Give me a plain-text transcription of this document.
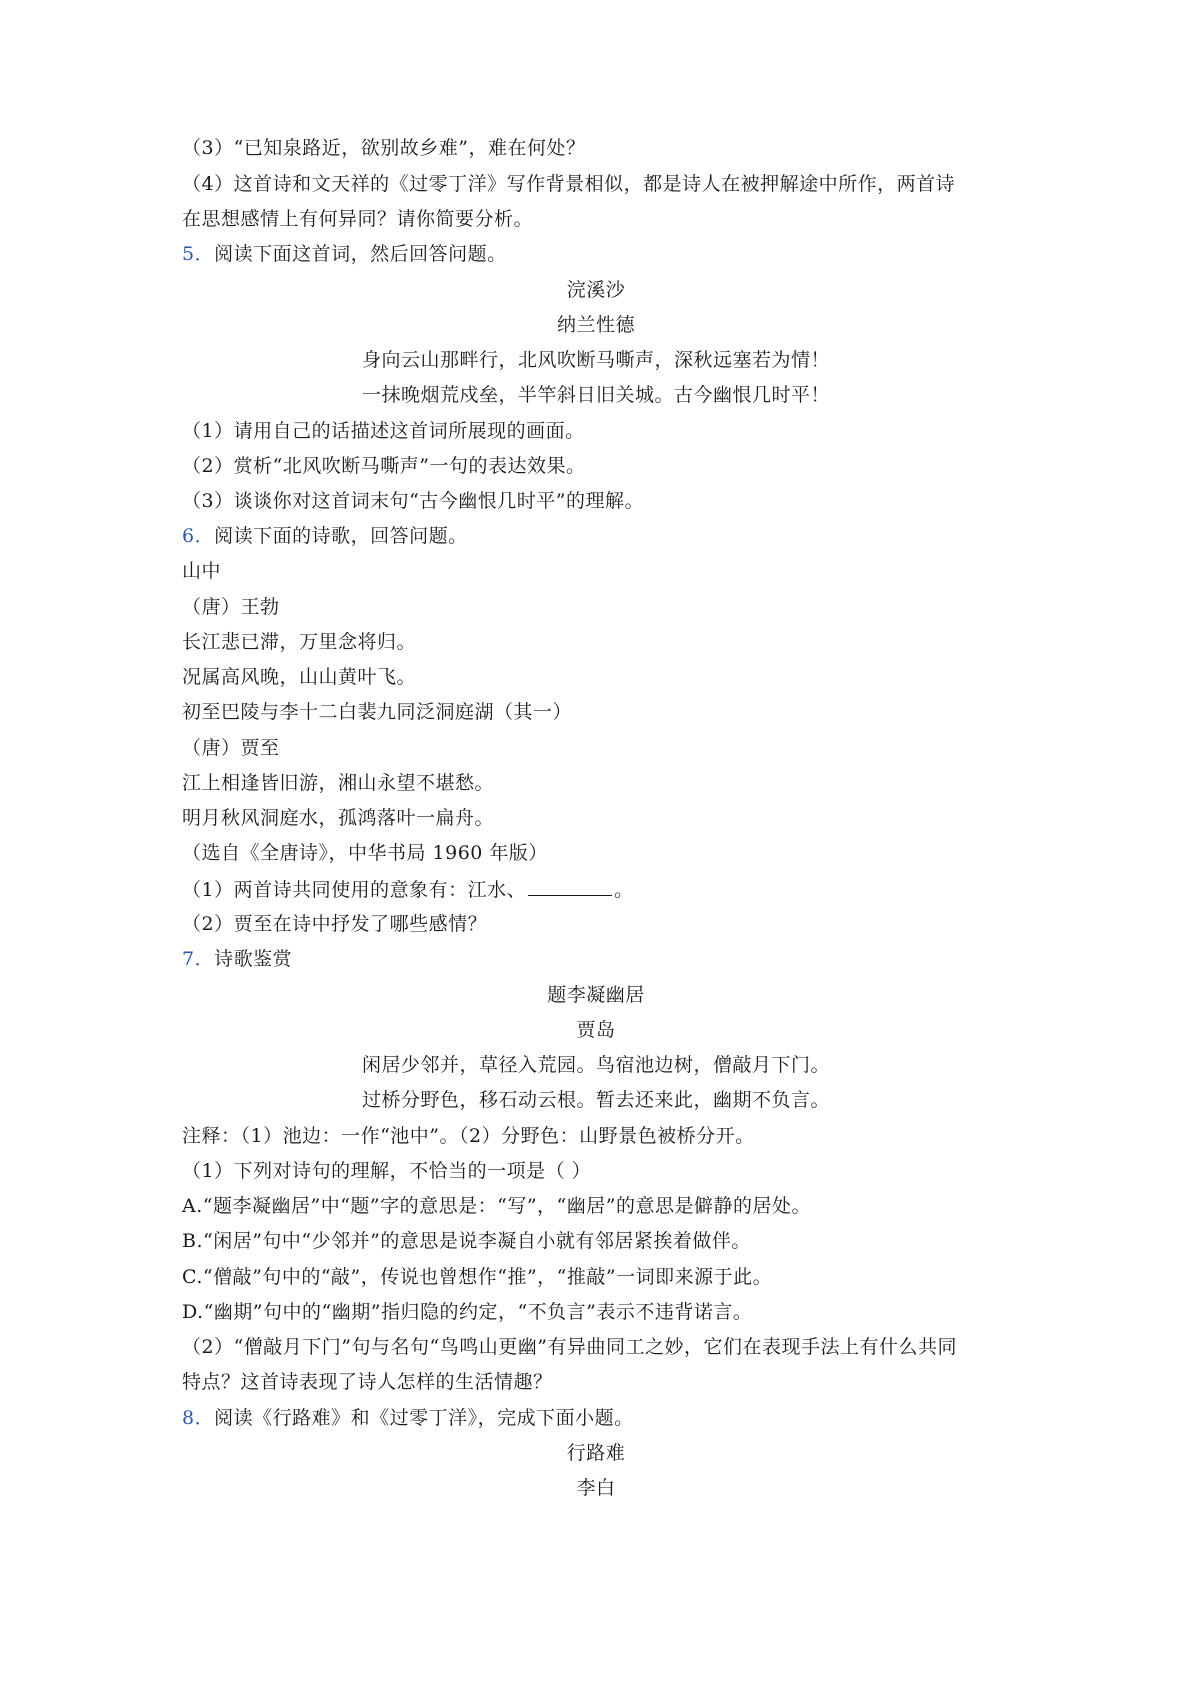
（3）“已知泉路近，欲别故乡难”，难在何处？
（4）这首诗和文天祥的《过零丁洋》写作背景相似，都是诗人在被押解途中所作，两首诗
在思想感情上有何异同？请你简要分析。
5．阅读下面这首词，然后回答问题。
浣溪沙
纳兰性德
身向云山那畔行，北风吹断马嘶声，深秋远塞若为情！
一抹晚烟荒戍垒，半竿斜日旧关城。古今幽恨几时平！
（1）请用自己的话描述这首词所展现的画面。
（2）赏析“北风吹断马嘶声”一句的表达效果。
（3）谈谈你对这首词末句“古今幽恨几时平”的理解。
6．阅读下面的诗歌，回答问题。
山中
（唐）王勃
长江悲已滞，万里念将归。
况属高风晚，山山黄叶飞。
初至巴陵与李十二白裴九同泛洞庭湖（其一）
（唐）贾至
江上相逢皆旧游，湘山永望不堪愁。
明月秋风洞庭水，孤鸿落叶一扁舟。
（选自《全唐诗》，中华书局 1960 年版）
（1）两首诗共同使用的意象有：江水、	。
（2）贾至在诗中抒发了哪些感情？
7．诗歌鉴赏
题李凝幽居
贾岛
闲居少邻并，草径入荒园。鸟宿池边树，僧敲月下门。
过桥分野色，移石动云根。暂去还来此，幽期不负言。
注释：（1）池边：一作“池中”。（2）分野色：山野景色被桥分开。
（1）下列对诗句的理解，不恰当的一项是（ ）
A.“题李凝幽居”中“题”字的意思是：“写”，“幽居”的意思是僻静的居处。
B.“闲居”句中“少邻并”的意思是说李凝自小就有邻居紧挨着做伴。
C.“僧敲”句中的“敲”，传说也曾想作“推”，“推敲”一词即来源于此。
D.“幽期”句中的“幽期”指归隐的约定，“不负言”表示不违背诺言。
（2）“僧敲月下门”句与名句“鸟鸣山更幽”有异曲同工之妙，它们在表现手法上有什么共同
特点？这首诗表现了诗人怎样的生活情趣？
8．阅读《行路难》和《过零丁洋》，完成下面小题。
行路难
李白
